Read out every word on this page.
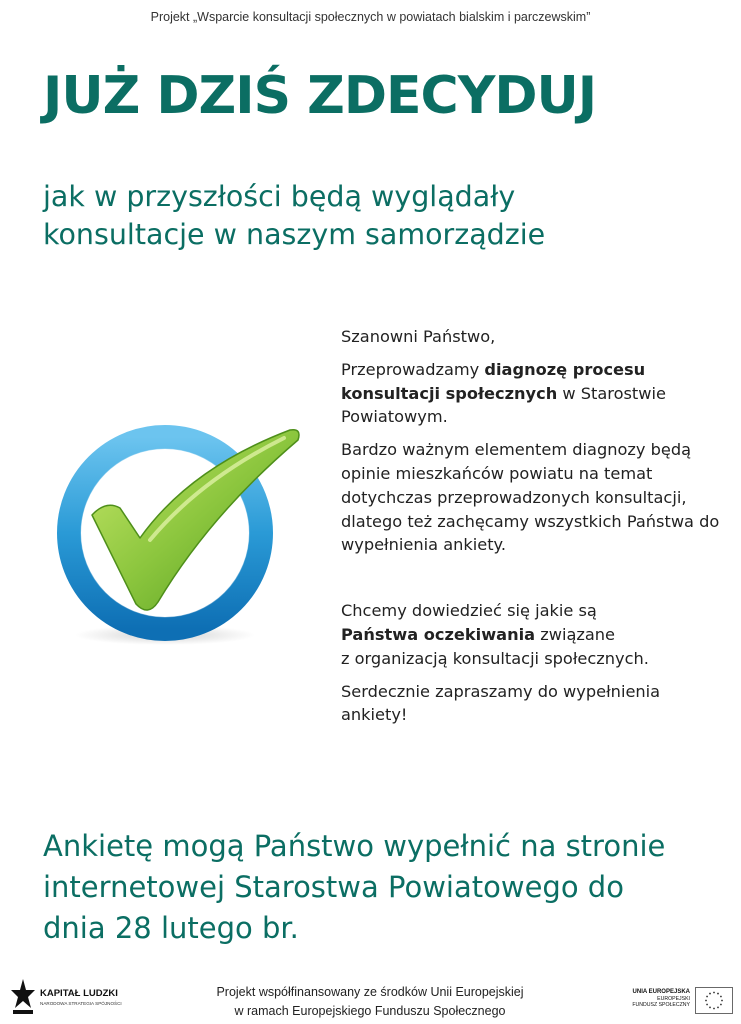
Projekt „Wsparcie konsultacji społecznych w powiatach bialskim i parczewskim”
JUŻ DZIŚ ZDECYDUJ
jak w przyszłości będą wyglądały
konsultacje w naszym samorządzie

Szanowni Państwo,

Przeprowadzamy diagnozę procesu konsultacji społecznych w Starostwie Powiatowym.

Bardzo ważnym elementem diagnozy będą opinie mieszkańców powiatu na temat dotychczas przeprowadzonych konsultacji, dlatego też zachęcamy wszystkich Państwa do wypełnienia ankiety.

Chcemy dowiedzieć się jakie są
Państwa oczekiwania związane
z organizacją konsultacji społecznych.

Serdecznie zapraszamy do wypełnienia ankiety!

Ankietę mogą Państwo wypełnić na stronie
internetowej Starostwa Powiatowego do
dnia 28 lutego br.
KAPITAŁ LUDZKI
NARODOWA STRATEGIA SPÓJNOŚCI
Projekt współfinansowany ze środków Unii Europejskiej
w ramach Europejskiego Funduszu Społecznego
UNIA EUROPEJSKA
EUROPEJSKI
FUNDUSZ SPOŁECZNY
